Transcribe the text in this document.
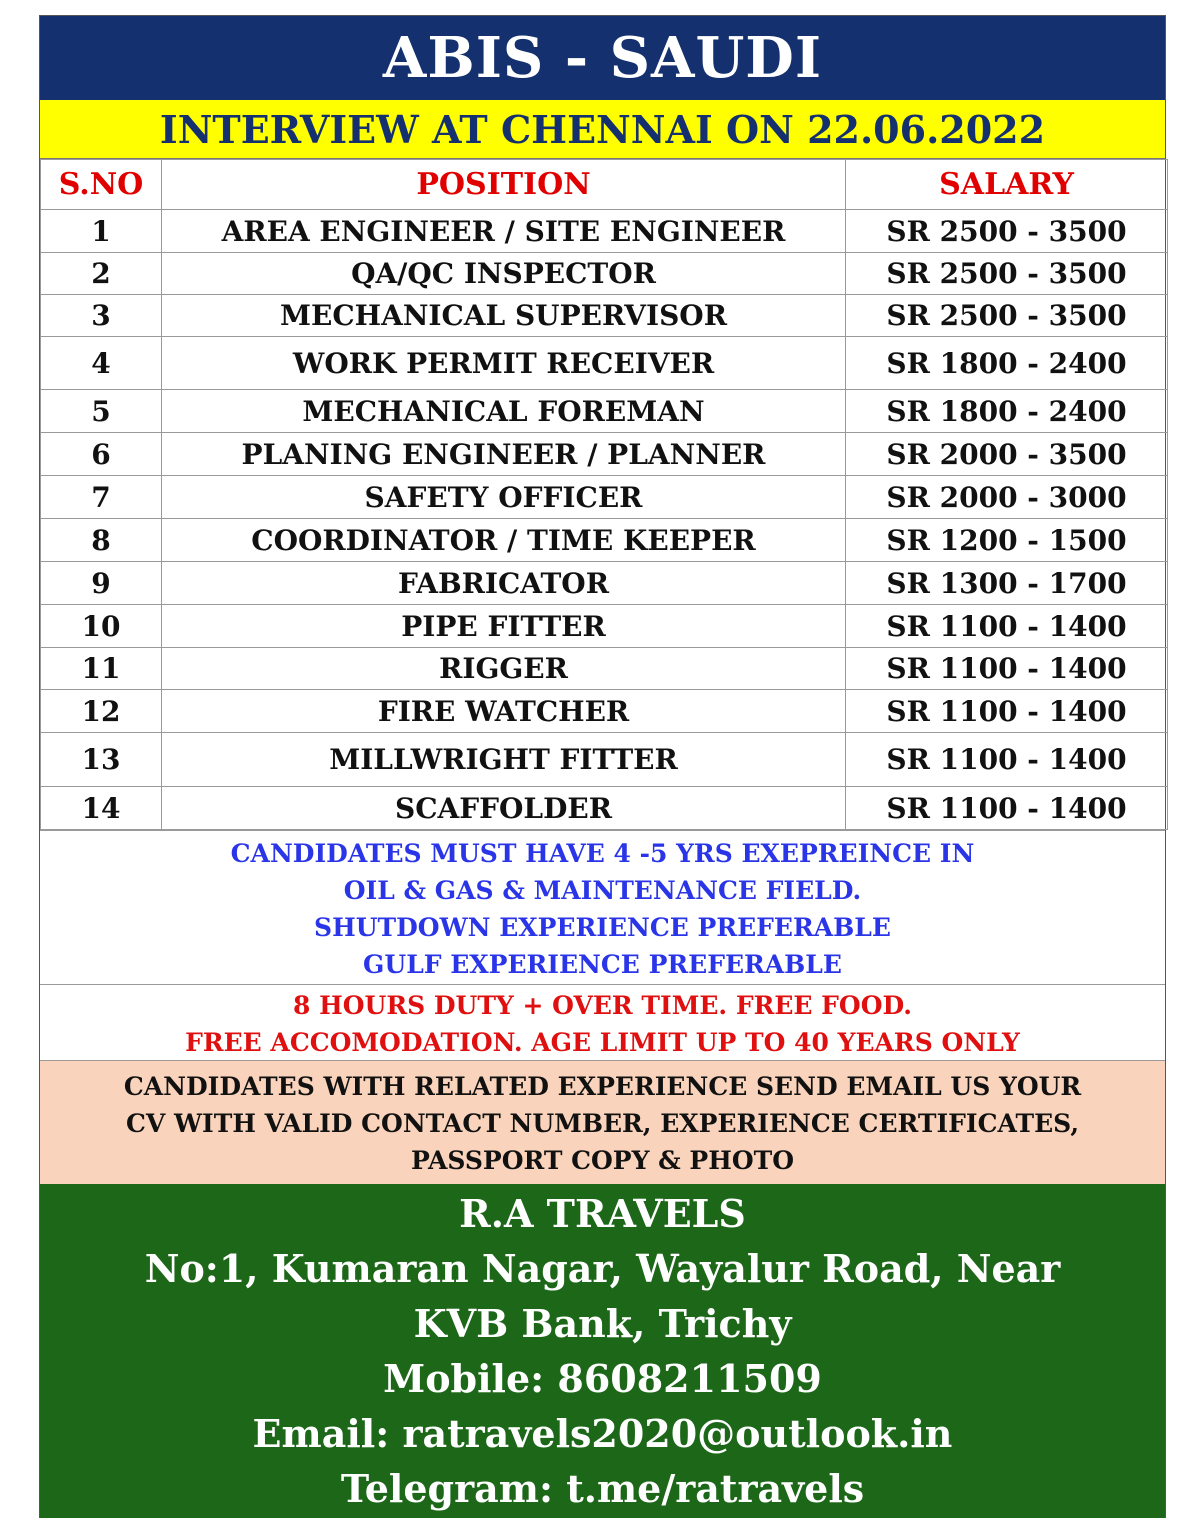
ABIS - SAUDI
INTERVIEW AT CHENNAI ON 22.06.2022
S.NO	POSITION	SALARY
1	AREA ENGINEER / SITE ENGINEER	SR 2500 - 3500
2	QA/QC INSPECTOR	SR 2500 - 3500
3	MECHANICAL SUPERVISOR	SR 2500 - 3500
4	WORK PERMIT RECEIVER	SR 1800 - 2400
5	MECHANICAL FOREMAN	SR 1800 - 2400
6	PLANING ENGINEER / PLANNER	SR 2000 - 3500
7	SAFETY OFFICER	SR 2000 - 3000
8	COORDINATOR / TIME KEEPER	SR 1200 - 1500
9	FABRICATOR	SR 1300 - 1700
10	PIPE FITTER	SR 1100 - 1400
11	RIGGER	SR 1100 - 1400
12	FIRE WATCHER	SR 1100 - 1400
13	MILLWRIGHT FITTER	SR 1100 - 1400
14	SCAFFOLDER	SR 1100 - 1400
CANDIDATES MUST HAVE 4 -5 YRS EXEPREINCE IN
OIL & GAS & MAINTENANCE FIELD.
SHUTDOWN EXPERIENCE PREFERABLE
GULF EXPERIENCE PREFERABLE
8 HOURS DUTY + OVER TIME. FREE FOOD.
FREE ACCOMODATION. AGE LIMIT UP TO 40 YEARS ONLY
CANDIDATES WITH RELATED EXPERIENCE SEND EMAIL US YOUR
CV WITH VALID CONTACT NUMBER, EXPERIENCE CERTIFICATES,
PASSPORT COPY & PHOTO
R.A TRAVELS
No:1, Kumaran Nagar, Wayalur Road, Near
KVB Bank, Trichy
Mobile: 8608211509
Email: ratravels2020@outlook.in
Telegram: t.me/ratravels
